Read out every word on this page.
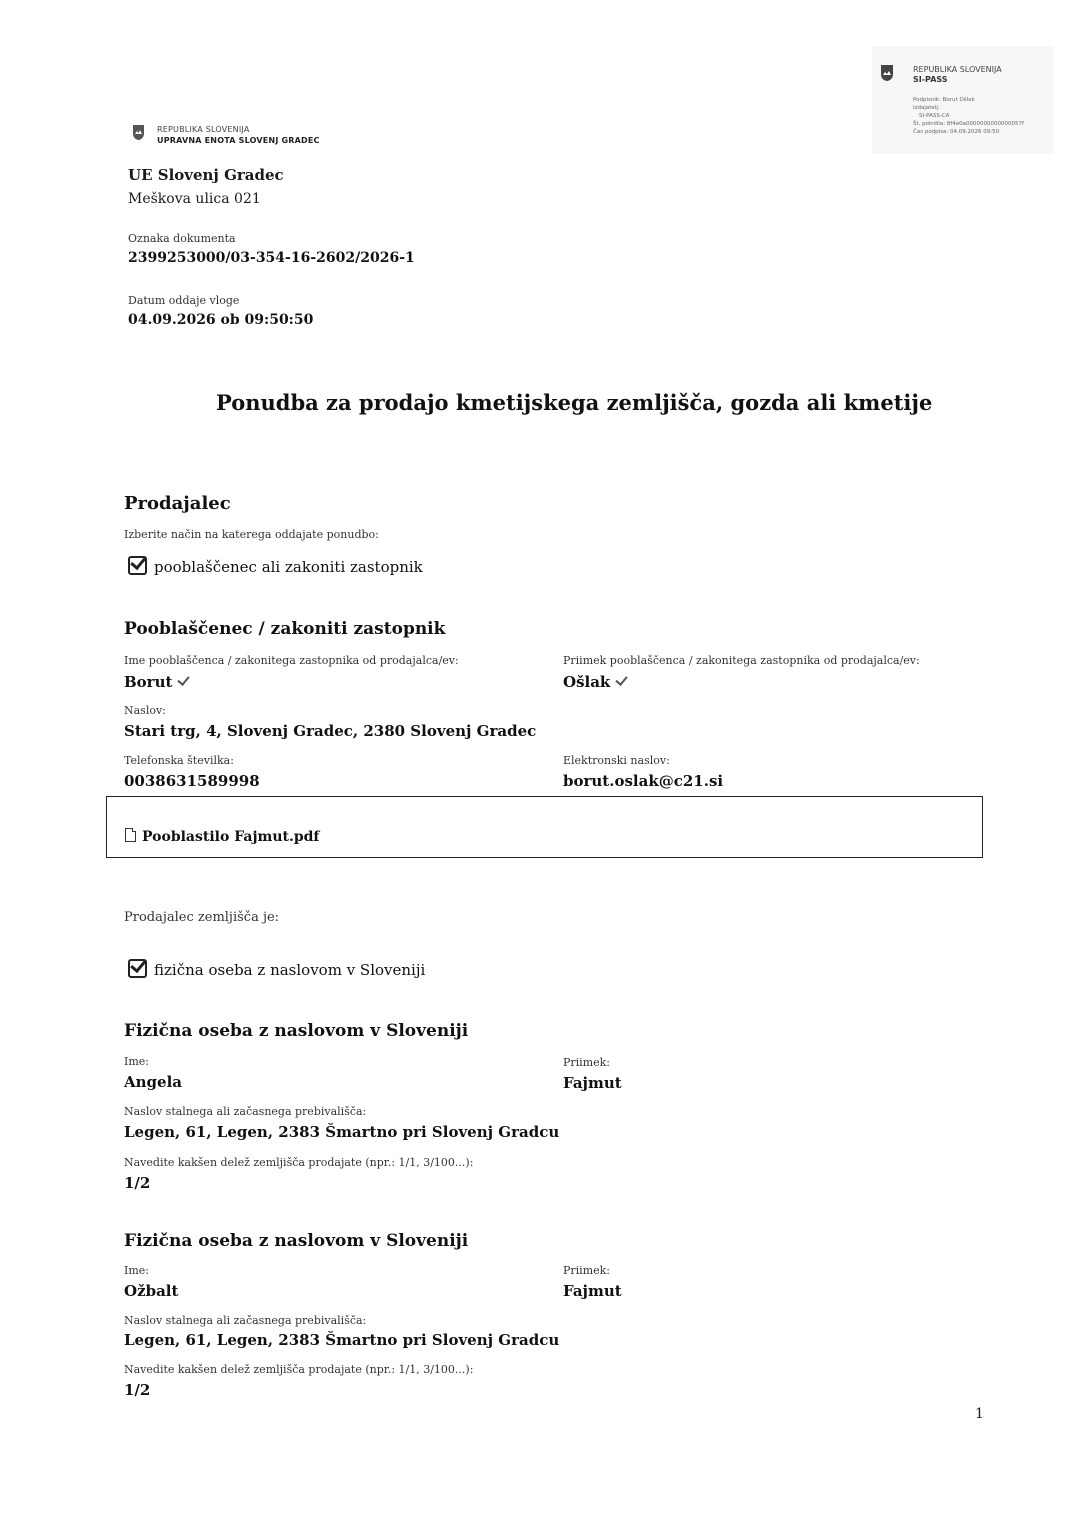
REPUBLIKA SLOVENIJA
SI-PASS
Podpisnik: Borut Ošlak
Izdajatelj:
SI-PASS-CA
Št. potrdila: 8f4e0a0000000000000057f
Čas podpisa: 04.09.2026 09:50
REPUBLIKA SLOVENIJA
UPRAVNA ENOTA SLOVENJ GRADEC
UE Slovenj Gradec
Meškova ulica 021
Oznaka dokumenta
2399253000/03-354-16-2602/2026-1
Datum oddaje vloge
04.09.2026 ob 09:50:50
Ponudba za prodajo kmetijskega zemljišča, gozda ali kmetije
Prodajalec
Izberite način na katerega oddajate ponudbo:
pooblaščenec ali zakoniti zastopnik
Pooblaščenec / zakoniti zastopnik
Ime pooblaščenca / zakonitega zastopnika od prodajalca/ev:
Borut
Priimek pooblaščenca / zakonitega zastopnika od prodajalca/ev:
Ošlak
Naslov:
Stari trg, 4, Slovenj Gradec, 2380 Slovenj Gradec
Telefonska številka:
0038631589998
Elektronski naslov:
borut.oslak@c21.si
Pooblastilo Fajmut.pdf
Prodajalec zemljišča je:
fizična oseba z naslovom v Sloveniji
Fizična oseba z naslovom v Sloveniji
Ime:
Angela
Priimek:
Fajmut
Naslov stalnega ali začasnega prebivališča:
Legen, 61, Legen, 2383 Šmartno pri Slovenj Gradcu
Navedite kakšen delež zemljišča prodajate (npr.: 1/1, 3/100...):
1/2
Fizična oseba z naslovom v Sloveniji
Ime:
Ožbalt
Priimek:
Fajmut
Naslov stalnega ali začasnega prebivališča:
Legen, 61, Legen, 2383 Šmartno pri Slovenj Gradcu
Navedite kakšen delež zemljišča prodajate (npr.: 1/1, 3/100...):
1/2
1
